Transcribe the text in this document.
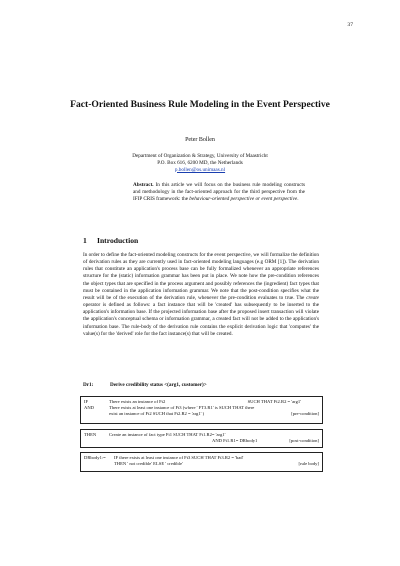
37
Fact-Oriented Business Rule Modeling in the Event Perspective
Peter Bollen
Department of Organization & Strategy, University of Maastricht
P.O. Box 616, 6200 MD, the Netherlands
p.bollen@os.unimaas.nl
Abstract. In this article we will focus on the business rule modeling constructs and methodology in the fact-oriented approach for the third perspective from the IFIP CRIS framework: the behaviour-oriented perspective or event perspective.
1 Introduction
In order to define the fact-oriented modeling constructs for the event perspective, we will formalize the definition of derivation rules as they are currently used in fact-oriented modeling languages (e.g ORM [1]). The derivation rules that constitute an application's process base can be fully formalized whenever an appropriate references structure for the (static) information grammar has been put in place. We note how the pre-condition references the object types that are specified in the process argument and possibly references the (ingredient) fact types that must be contained in the application information grammar. We note that the post-condition specifies what the result will be of the execution of the derivation rule, whenever the pre-condition evaluates to true. The create operator is defined as follows: a fact instance that will be 'created' has subsequently to be inserted to the application's information base. If the projected information base after the proposed insert transaction will violate the application's conceptual schema or information grammar, a created fact will not be added to the application's information base. The rule-body of the derivation rule contains the explicit derivation logic that 'computes' the value(s) for the 'derived' role for the fact instance(s) that will be created.
Dr1:	Derive credibility status <(arg1, customer)>
IF	There exists an instance of Ft2	SUCH THAT Ft2.R2 = 'arg1'
AND	There exists at least one instance of Ft3 (where ' FT3.R1' is SUCH THAT there
exist an instance of Ft2 SUCH that Ft2.R2 = 'arg1' )	[pre-condition]
THEN	Create an instance of fact type Ft1 SUCH THAT Ft1.R2= 'arg1'
AND Ft1.R1= DRbody1	[post-condition]
DRbody1:= IF there exists at least one instance of Ft3 SUCH THAT Ft3.R2 = 'bad'
THEN ' not credible' ELSE ' credible'	[rule body]
